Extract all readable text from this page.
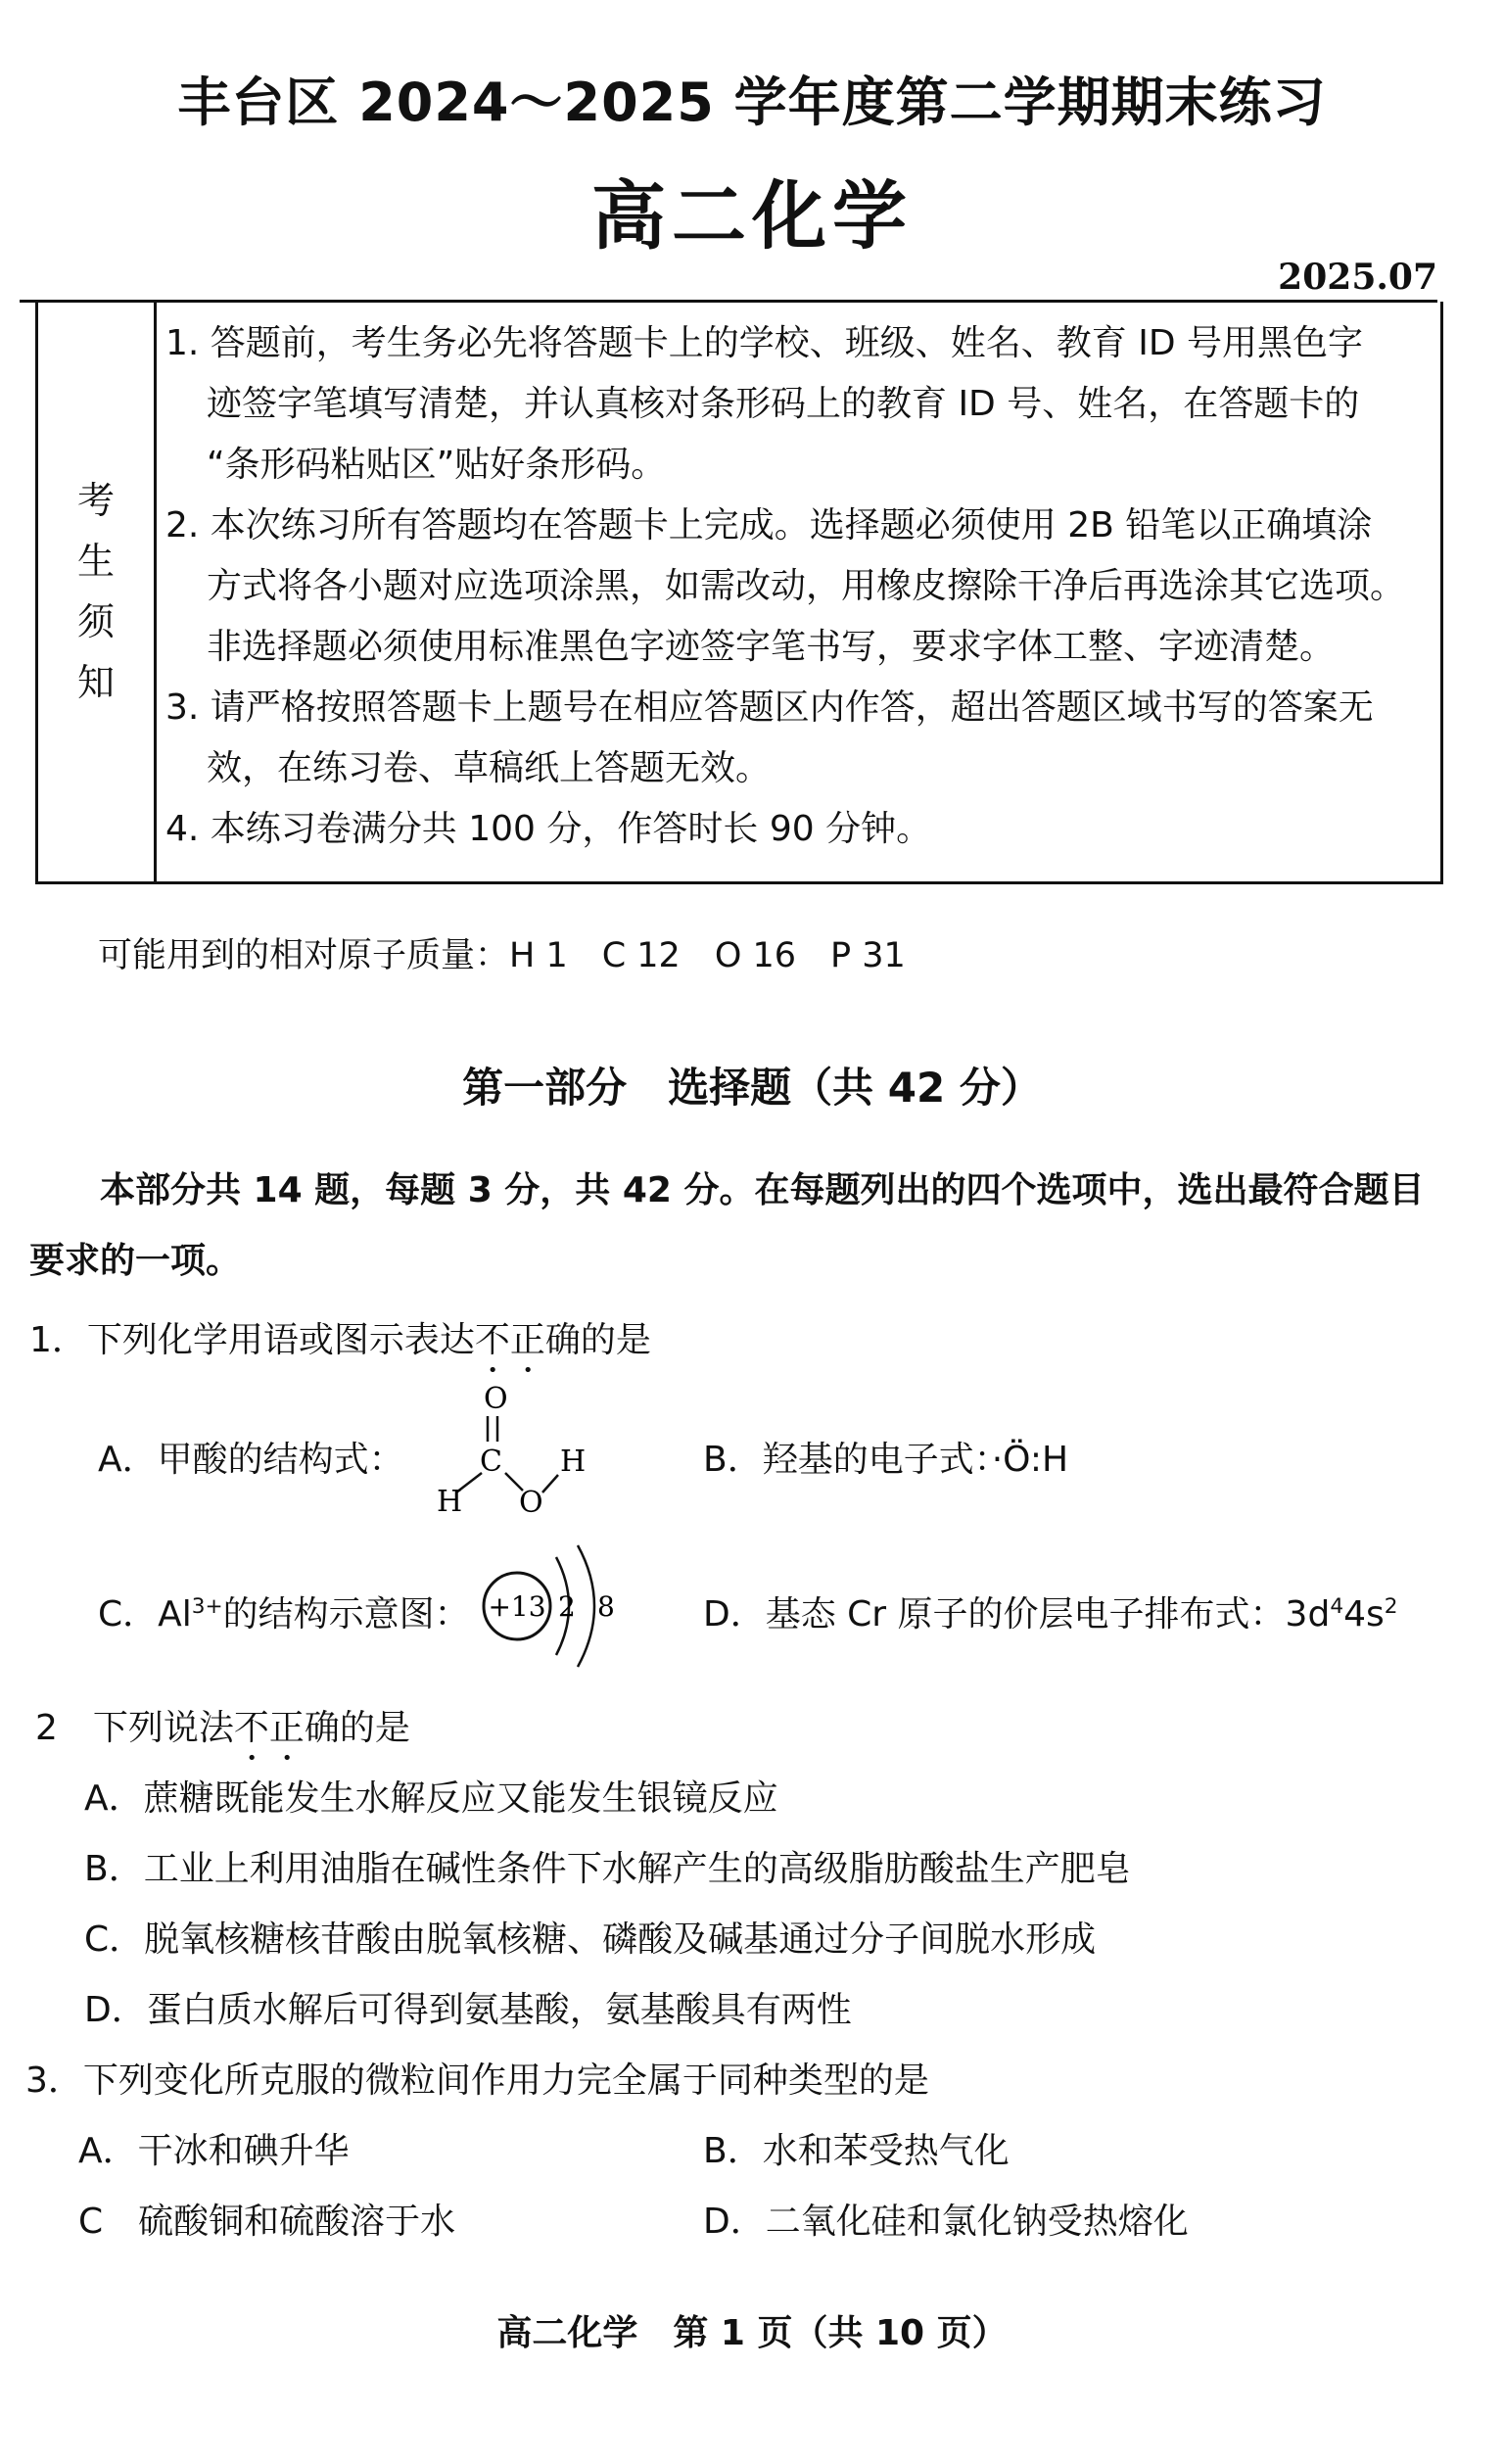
丰台区 2024～2025 学年度第二学期期末练习
高二化学
2025.07
考
生
须
知

1. 答题前，考生务必先将答题卡上的学校、班级、姓名、教育 ID 号用黑色字

迹签字笔填写清楚，并认真核对条形码上的教育 ID 号、姓名，在答题卡的

“条形码粘贴区”贴好条形码。

2. 本次练习所有答题均在答题卡上完成。选择题必须使用 2B 铅笔以正确填涂

方式将各小题对应选项涂黑，如需改动，用橡皮擦除干净后再选涂其它选项。

非选择题必须使用标准黑色字迹签字笔书写，要求字体工整、字迹清楚。

3. 请严格按照答题卡上题号在相应答题区内作答，超出答题区域书写的答案无

效，在练习卷、草稿纸上答题无效。

4. 本练习卷满分共 100 分，作答时长 90 分钟。

可能用到的相对原子质量：H 1　C 12　O 16　P 31
第一部分　选择题（共 42 分）

本部分共 14 题，每题 3 分，共 42 分。在每题列出的四个选项中，选出最符合题目

要求的一项。
1．下列化学用语或图示表达不正确的是
A．甲酸的结构式：
O
C
H O
H	B．羟基的电子式：·Ö:H
C．$Al^{3+}$的结构示意图： +13 2 8	D．基态 Cr 原子的价层电子排布式：$3d^44s^2$
2　下列说法不正确的是
A．蔗糖既能发生水解反应又能发生银镜反应
B．工业上利用油脂在碱性条件下水解产生的高级脂肪酸盐生产肥皂
C．脱氧核糖核苷酸由脱氧核糖、磷酸及碱基通过分子间脱水形成
D．蛋白质水解后可得到氨基酸，氨基酸具有两性
3．下列变化所克服的微粒间作用力完全属于同种类型的是
A．干冰和碘升华	B．水和苯受热气化
C　硫酸铜和硫酸溶于水	D．二氧化硅和氯化钠受热熔化
高二化学　第 1 页（共 10 页）
